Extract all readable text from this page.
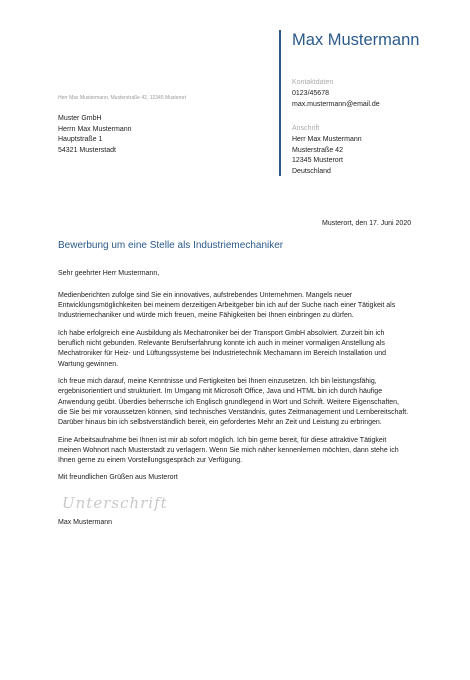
Max Mustermann
Kontaktdaten
0123/45678
max.mustermann@email.de
Anschrift
Herr Max Mustermann
Musterstraße 42
12345 Musterort
Deutschland
Herr Max Mustermann, Musterstraße 42, 12345 Musterort
Muster GmbH
Herrn Max Mustermann
Hauptstraße 1
54321 Musterstadt
Musterort, den 17. Juni 2020
Bewerbung um eine Stelle als Industriemechaniker
Sehr geehrter Herr Mustermann,

Medienberichten zufolge sind Sie ein innovatives, aufstrebendes Unternehmen. Mangels neuer
Entwicklungsmöglichkeiten bei meinem derzeitigen Arbeitgeber bin ich auf der Suche nach einer Tätigkeit als
Industriemechaniker und würde mich freuen, meine Fähigkeiten bei Ihnen einbringen zu dürfen.

Ich habe erfolgreich eine Ausbildung als Mechatroniker bei der Transport GmbH absolviert. Zurzeit bin ich
beruflich nicht gebunden. Relevante Berufserfahrung konnte ich auch in meiner vormaligen Anstellung als
Mechatroniker für Heiz- und Lüftungssysteme bei Industrietechnik Mechamann im Bereich Installation und
Wartung gewinnen.

Ich freue mich darauf, meine Kenntnisse und Fertigkeiten bei Ihnen einzusetzen. Ich bin leistungsfähig,
ergebnisorientiert und strukturiert. Im Umgang mit Microsoft Office, Java und HTML bin ich durch häufige
Anwendung geübt. Überdies beherrsche ich Englisch grundlegend in Wort und Schrift. Weitere Eigenschaften,
die Sie bei mir voraussetzen können, sind technisches Verständnis, gutes Zeitmanagement und Lernbereitschaft.
Darüber hinaus bin ich selbstverständlich bereit, ein gefordertes Mehr an Zeit und Leistung zu erbringen.

Eine Arbeitsaufnahme bei Ihnen ist mir ab sofort möglich. Ich bin gerne bereit, für diese attraktive Tätigkeit
meinen Wohnort nach Musterstadt zu verlagern. Wenn Sie mich näher kennenlernen möchten, dann stehe ich
Ihnen gerne zu einem Vorstellungsgespräch zur Verfügung.

Mit freundlichen Grüßen aus Musterort
Unterschrift
Max Mustermann
